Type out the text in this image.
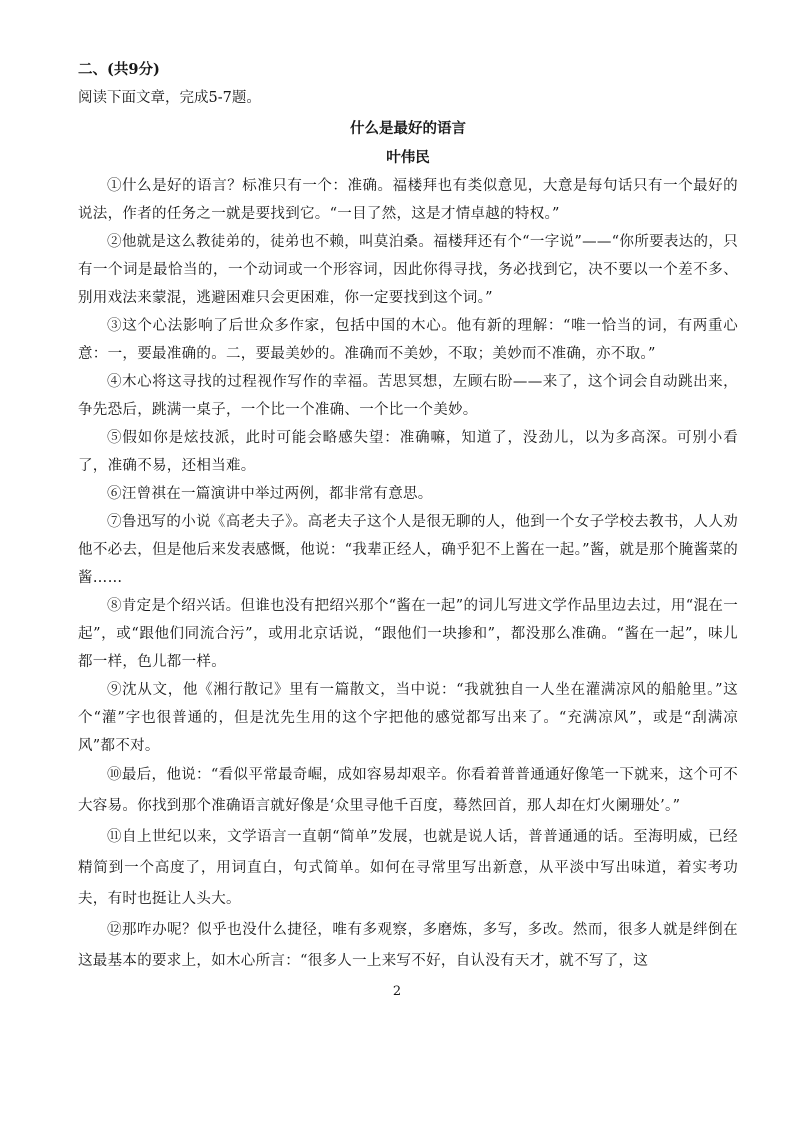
二、(共9分)

阅读下面文章，完成5-7题。

什么是最好的语言

叶伟民

①什么是好的语言？标准只有一个：准确。福楼拜也有类似意见，大意是每句话只有一个最好的说法，作者的任务之一就是要找到它。“一目了然，这是才情卓越的特权。”

②他就是这么教徒弟的，徒弟也不赖，叫莫泊桑。福楼拜还有个“一字说”——“你所要表达的，只有一个词是最恰当的，一个动词或一个形容词，因此你得寻找，务必找到它，决不要以一个差不多、别用戏法来蒙混，逃避困难只会更困难，你一定要找到这个词。”

③这个心法影响了后世众多作家，包括中国的木心。他有新的理解：“唯一恰当的词，有两重心意：一，要最准确的。二，要最美妙的。准确而不美妙，不取；美妙而不准确，亦不取。”

④木心将这寻找的过程视作写作的幸福。苦思冥想，左顾右盼——来了，这个词会自动跳出来，争先恐后，跳满一桌子，一个比一个准确、一个比一个美妙。

⑤假如你是炫技派，此时可能会略感失望：准确嘛，知道了，没劲儿，以为多高深。可别小看了，准确不易，还相当难。

⑥汪曾祺在一篇演讲中举过两例，都非常有意思。

⑦鲁迅写的小说《高老夫子》。高老夫子这个人是很无聊的人，他到一个女子学校去教书，人人劝他不必去，但是他后来发表感慨，他说：“我辈正经人，确乎犯不上酱在一起。”酱，就是那个腌酱菜的酱……

⑧肯定是个绍兴话。但谁也没有把绍兴那个“酱在一起”的词儿写进文学作品里边去过，用“混在一起”，或“跟他们同流合污”，或用北京话说，“跟他们一块掺和”，都没那么准确。“酱在一起”，味儿都一样，色儿都一样。

⑨沈从文，他《湘行散记》里有一篇散文，当中说：“我就独自一人坐在灌满凉风的船舱里。”这个“灌”字也很普通的，但是沈先生用的这个字把他的感觉都写出来了。“充满凉风”，或是“刮满凉风”都不对。

⑩最后，他说：“看似平常最奇崛，成如容易却艰辛。你看着普普通通好像笔一下就来，这个可不大容易。你找到那个准确语言就好像是‘众里寻他千百度，蓦然回首，那人却在灯火阑珊处’。”

⑪自上世纪以来，文学语言一直朝“简单”发展，也就是说人话，普普通通的话。至海明威，已经精简到一个高度了，用词直白，句式简单。如何在寻常里写出新意，从平淡中写出味道，着实考功夫，有时也挺让人头大。

⑫那咋办呢？似乎也没什么捷径，唯有多观察，多磨炼，多写，多改。然而，很多人就是绊倒在这最基本的要求上，如木心所言：“很多人一上来写不好，自认没有天才，就不写了，这

2
